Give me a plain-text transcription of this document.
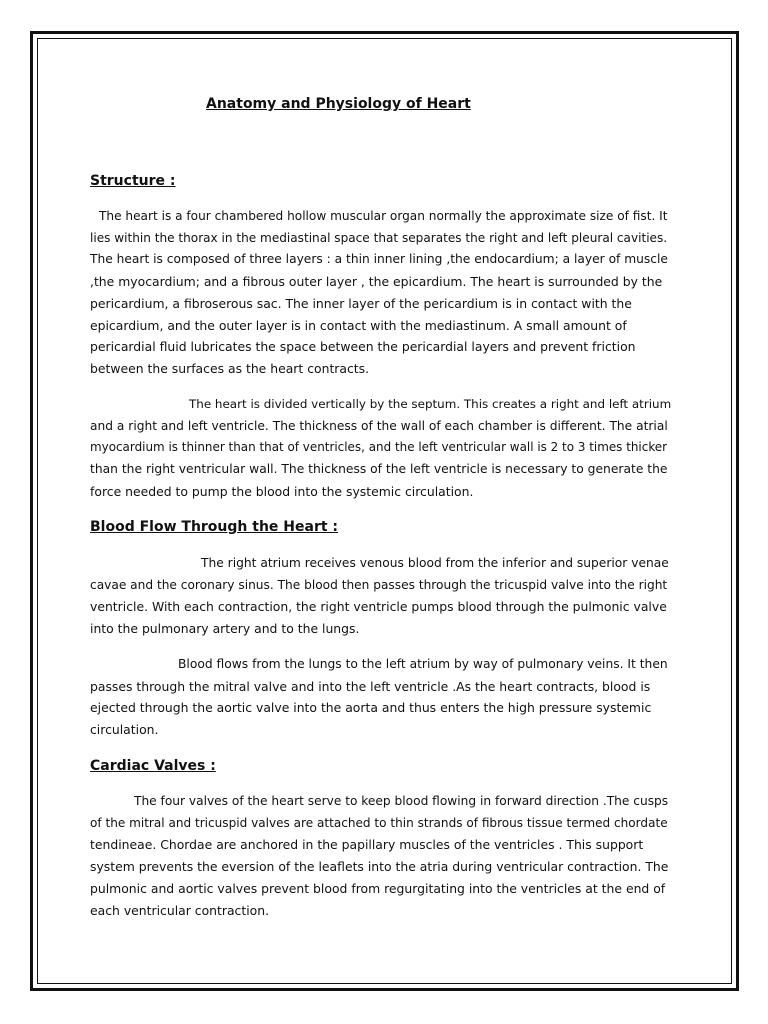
Anatomy and Physiology of Heart
Structure :

The heart is a four chambered hollow muscular organ normally the approximate size of fist. It
lies within the thorax in the mediastinal space that separates the right and left pleural cavities.
The heart is composed of three layers : a thin inner lining ,the endocardium; a layer of muscle
,the myocardium; and a fibrous outer layer , the epicardium. The heart is surrounded by the
pericardium, a fibroserous sac. The inner layer of the pericardium is in contact with the
epicardium, and the outer layer is in contact with the mediastinum. A small amount of
pericardial fluid lubricates the space between the pericardial layers and prevent friction
between the surfaces as the heart contracts.

The heart is divided vertically by the septum. This creates a right and left atrium
and a right and left ventricle. The thickness of the wall of each chamber is different. The atrial
myocardium is thinner than that of ventricles, and the left ventricular wall is 2 to 3 times thicker
than the right ventricular wall. The thickness of the left ventricle is necessary to generate the
force needed to pump the blood into the systemic circulation.

Blood Flow Through the Heart :

The right atrium receives venous blood from the inferior and superior venae
cavae and the coronary sinus. The blood then passes through the tricuspid valve into the right
ventricle. With each contraction, the right ventricle pumps blood through the pulmonic valve
into the pulmonary artery and to the lungs.

Blood flows from the lungs to the left atrium by way of pulmonary veins. It then
passes through the mitral valve and into the left ventricle .As the heart contracts, blood is
ejected through the aortic valve into the aorta and thus enters the high pressure systemic
circulation.

Cardiac Valves :

The four valves of the heart serve to keep blood flowing in forward direction .The cusps
of the mitral and tricuspid valves are attached to thin strands of fibrous tissue termed chordate
tendineae. Chordae are anchored in the papillary muscles of the ventricles . This support
system prevents the eversion of the leaflets into the atria during ventricular contraction. The
pulmonic and aortic valves prevent blood from regurgitating into the ventricles at the end of
each ventricular contraction.
